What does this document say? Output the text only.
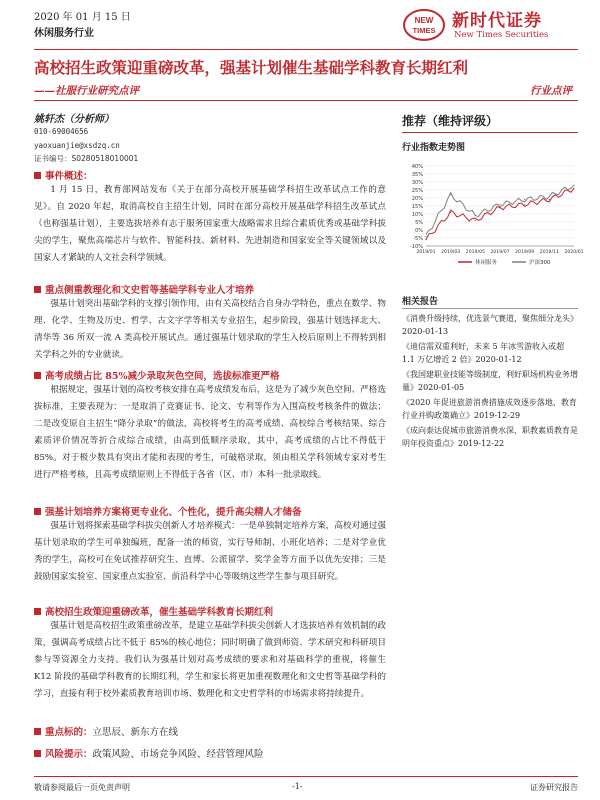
2020 年 01 月 15 日
休闲服务行业
NEW
TIMES 新时代证券
New Times Securities
高校招生政策迎重磅改革，强基计划催生基础学科教育长期红利
——社服行业研究点评	行业点评
姚轩杰（分析师）
010-69004656
yaoxuanjie@xsdzq.cn
证书编号：S0280518010001
推荐（维持评级）
行业指数走势图
40%
35%
30%
25%
20%
15%
10%
5%
0%
-5%
-10%
2019/01 2019/03 2019/05 2019/07 2019/09 2019/11 2020/01
休闲服务	沪深300
相关报告
《消费升级持续，优选景气赛道，聚焦细分龙头》2020-01-13
《迪信需双重利好，未来 5 年冰雪游收入或超 1.1 万亿增近 2 倍》2020-01-12
《我国建职业技能等级制度，利好职场机构业务增量》2020-01-05
《2020 年促进旅游消费措施成效逐步落地，教育行业并购政策确立》2019-12-29
《成向泰达促城市旅游消费水深，职教素质教育是明年投资重点》2019-12-22
事件概述：

1 月 15 日，教育部网站发布《关于在部分高校开展基础学科招生改革试点工作的意见》。自 2020 年起，取消高校自主招生计划，同时在部分高校开展基础学科招生改革试点（也称强基计划），主要选拔培养有志于服务国家重大战略需求且综合素质优秀或基础学科拔尖的学生，聚焦高端芯片与软件、智能科技、新材料、先进制造和国家安全等关键领域以及国家人才紧缺的人文社会科学领域。

重点侧重教理化和文史哲等基础学科专业人才培养

强基计划突出基础学科的支撑引领作用，由有关高校结合自身办学特色，重点在数学、物理、化学、生物及历史、哲学、古文字学等相关专业招生，起步阶段，强基计划选择北大、清华等 36 所双一流 A 类高校开展试点。通过强基计划录取的学生入校后原则上不得转到相关学科之外的专业就读。

高考成绩占比 85%减少录取灰色空间，选拔标准更严格

根据规定，强基计划的高校考核安排在高考成绩发布后，这是为了减少灰色空间、严格选拔标准，主要表现为：一是取消了竞赛证书、论文、专利等作为入围高校考核条件的做法；二是改变原自主招生“降分录取”的做法，高校将考生的高考成绩、高校综合考核结果、综合素质评价情况等折合成综合成绩，由高到低顺序录取，其中，高考成绩的占比不得低于 85%。对于极少数具有突出才能和表现的考生，可破格录取，须由相关学科领域专家对考生进行严格考核，且高考成绩原则上不得低于各省（区、市）本科一批录取线。

强基计划培养方案将更专业化、个性化，提升高尖精人才储备

强基计划将探索基础学科拔尖创新人才培养模式：一是单独制定培养方案，高校对通过强基计划录取的学生可单独编班，配备一流的师资，实行导师制、小班化培养；二是对学业优秀的学生，高校可在免试推荐研究生、直博、公派留学、奖学金等方面予以优先安排；三是鼓励国家实验室、国家重点实验室、前沿科学中心等吸纳这些学生参与项目研究。

高校招生政策迎重磅改革，催生基础学科教育长期红利

强基计划是高校招生政策重磅改革，是建立基础学科拔尖创新人才选拔培养有效机制的政策，强调高考成绩占比不低于 85%的核心地位；同时明确了做到师资、学术研究和科研项目参与等资源全力支持。我们认为强基计划对高考成绩的要求和对基础科学的重视，将催生 K12 阶段的基础学科教育的长期红利，学生和家长将更加重视数理化和文史哲等基础学科的学习，直接有利于校外素质教育培训市场、数理化和文史哲学科的市场需求将持续提升。

重点标的：立思辰、新东方在线
风险提示：政策风险、市场竞争风险、经营管理风险
敬请参阅最后一页免责声明	-1-	证券研究报告
